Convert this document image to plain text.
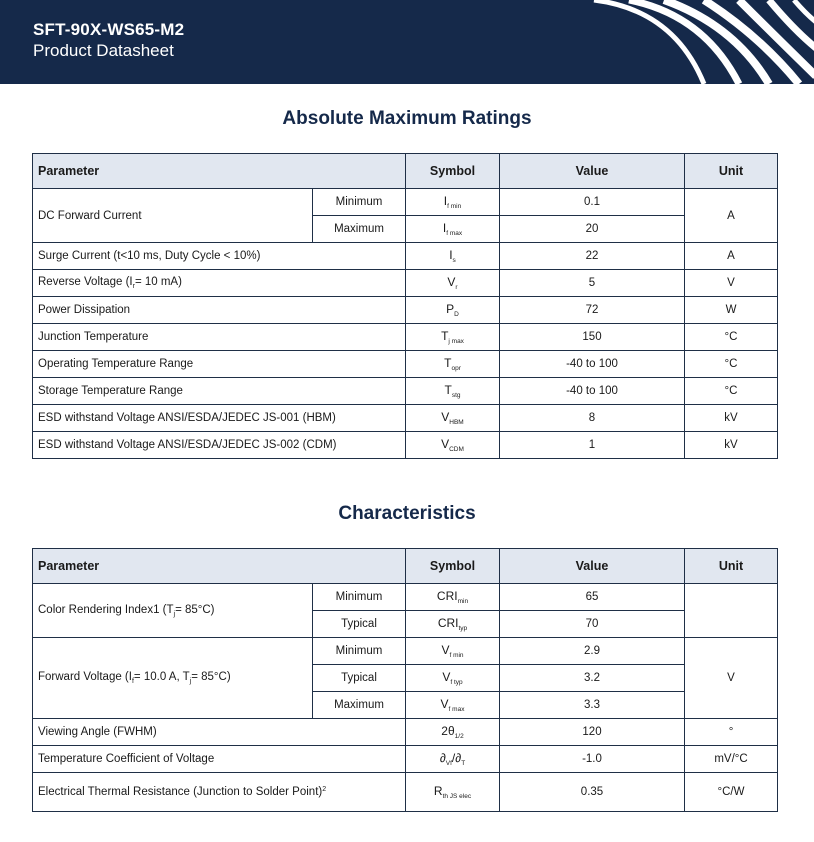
SFT-90X-WS65-M2
Product Datasheet
Absolute Maximum Ratings
Parameter		Symbol	Value	Unit
DC Forward Current	Minimum	$I_{f min}$	0.1	A
	Maximum	$I_{f max}$	20	
Surge Current (t<10 ms, Duty Cycle < 10%)		$I_s$	22	A
Reverse Voltage ($I_r= 10$ mA)		$V_r$	5	V
Power Dissipation		$P_D$	72	W
Junction Temperature		$T_{j max}$	150	°C
Operating Temperature Range		$T_{opr}$	-40 to 100	°C
Storage Temperature Range		$T_{stg}$	-40 to 100	°C
ESD withstand Voltage ANSI/ESDA/JEDEC JS-001 (HBM)		$V_{HBM}$	8	kV
ESD withstand Voltage ANSI/ESDA/JEDEC JS-002 (CDM)		$V_{CDM}$	1	kV
Characteristics
Parameter		Symbol	Value	Unit
Color Rendering Index1 $(T_j= 85^\circ C)$	Minimum	$CRI_{min}$	65	
	Typical	$CRI_{typ}$	70	
Forward Voltage ($I_f= 10.0$ A, $T_j= 85^\circ C$)	Minimum	$V_{f min}$	2.9	V
	Typical	$V_{f typ}$	3.2	
	Maximum	$V_{f max}$	3.3	
Viewing Angle (FWHM)		$2\theta_{1/2}$	120	°
Temperature Coefficient of Voltage		$\partial_{Vf}/\partial_T$	-1.0	mV/°C
Electrical Thermal Resistance (Junction to Solder Point)$^2$		$R_{th JS elec}$	0.35	°C/W
